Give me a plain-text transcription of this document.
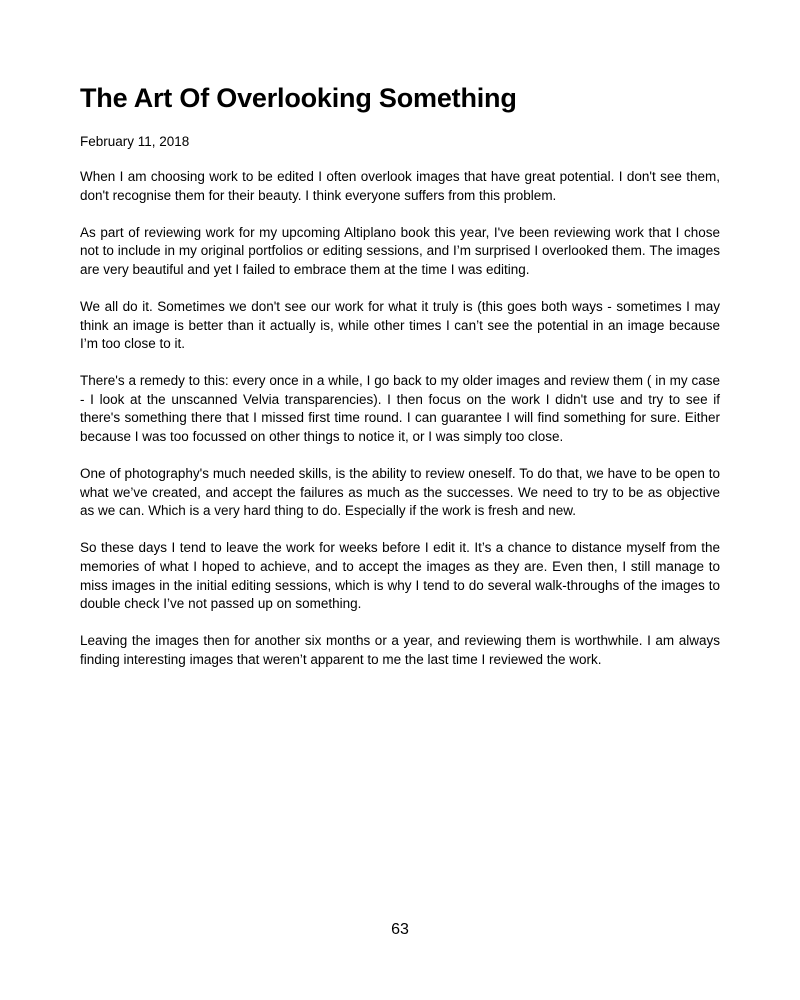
The Art Of Overlooking Something
February 11, 2018

When I am choosing work to be edited I often overlook images that have great potential. I don't see them, don't recognise them for their beauty. I think everyone suffers from this problem.

As part of reviewing work for my upcoming Altiplano book this year, I've been reviewing work that I chose not to include in my original portfolios or editing sessions, and I’m surprised I overlooked them. The images are very beautiful and yet I failed to embrace them at the time I was editing.

We all do it. Sometimes we don't see our work for what it truly is (this goes both ways - sometimes I may think an image is better than it actually is, while other times I can’t see the potential in an image because I’m too close to it.

There's a remedy to this: every once in a while, I go back to my older images and review them ( in my case - I look at the unscanned Velvia transparencies). I then focus on the work I didn't use and try to see if there's something there that I missed first time round. I can guarantee I will find something for sure. Either because I was too focussed on other things to notice it, or I was simply too close.

One of photography's much needed skills, is the ability to review oneself. To do that, we have to be open to what we’ve created, and accept the failures as much as the successes. We need to try to be as objective as we can. Which is a very hard thing to do. Especially if the work is fresh and new.

So these days I tend to leave the work for weeks before I edit it. It’s a chance to distance myself from the memories of what I hoped to achieve, and to accept the images as they are. Even then, I still manage to miss images in the initial editing sessions, which is why I tend to do several walk-throughs of the images to double check I’ve not passed up on something.

Leaving the images then for another six months or a year, and reviewing them is worthwhile. I am always finding interesting images that weren’t apparent to me the last time I reviewed the work.

63
